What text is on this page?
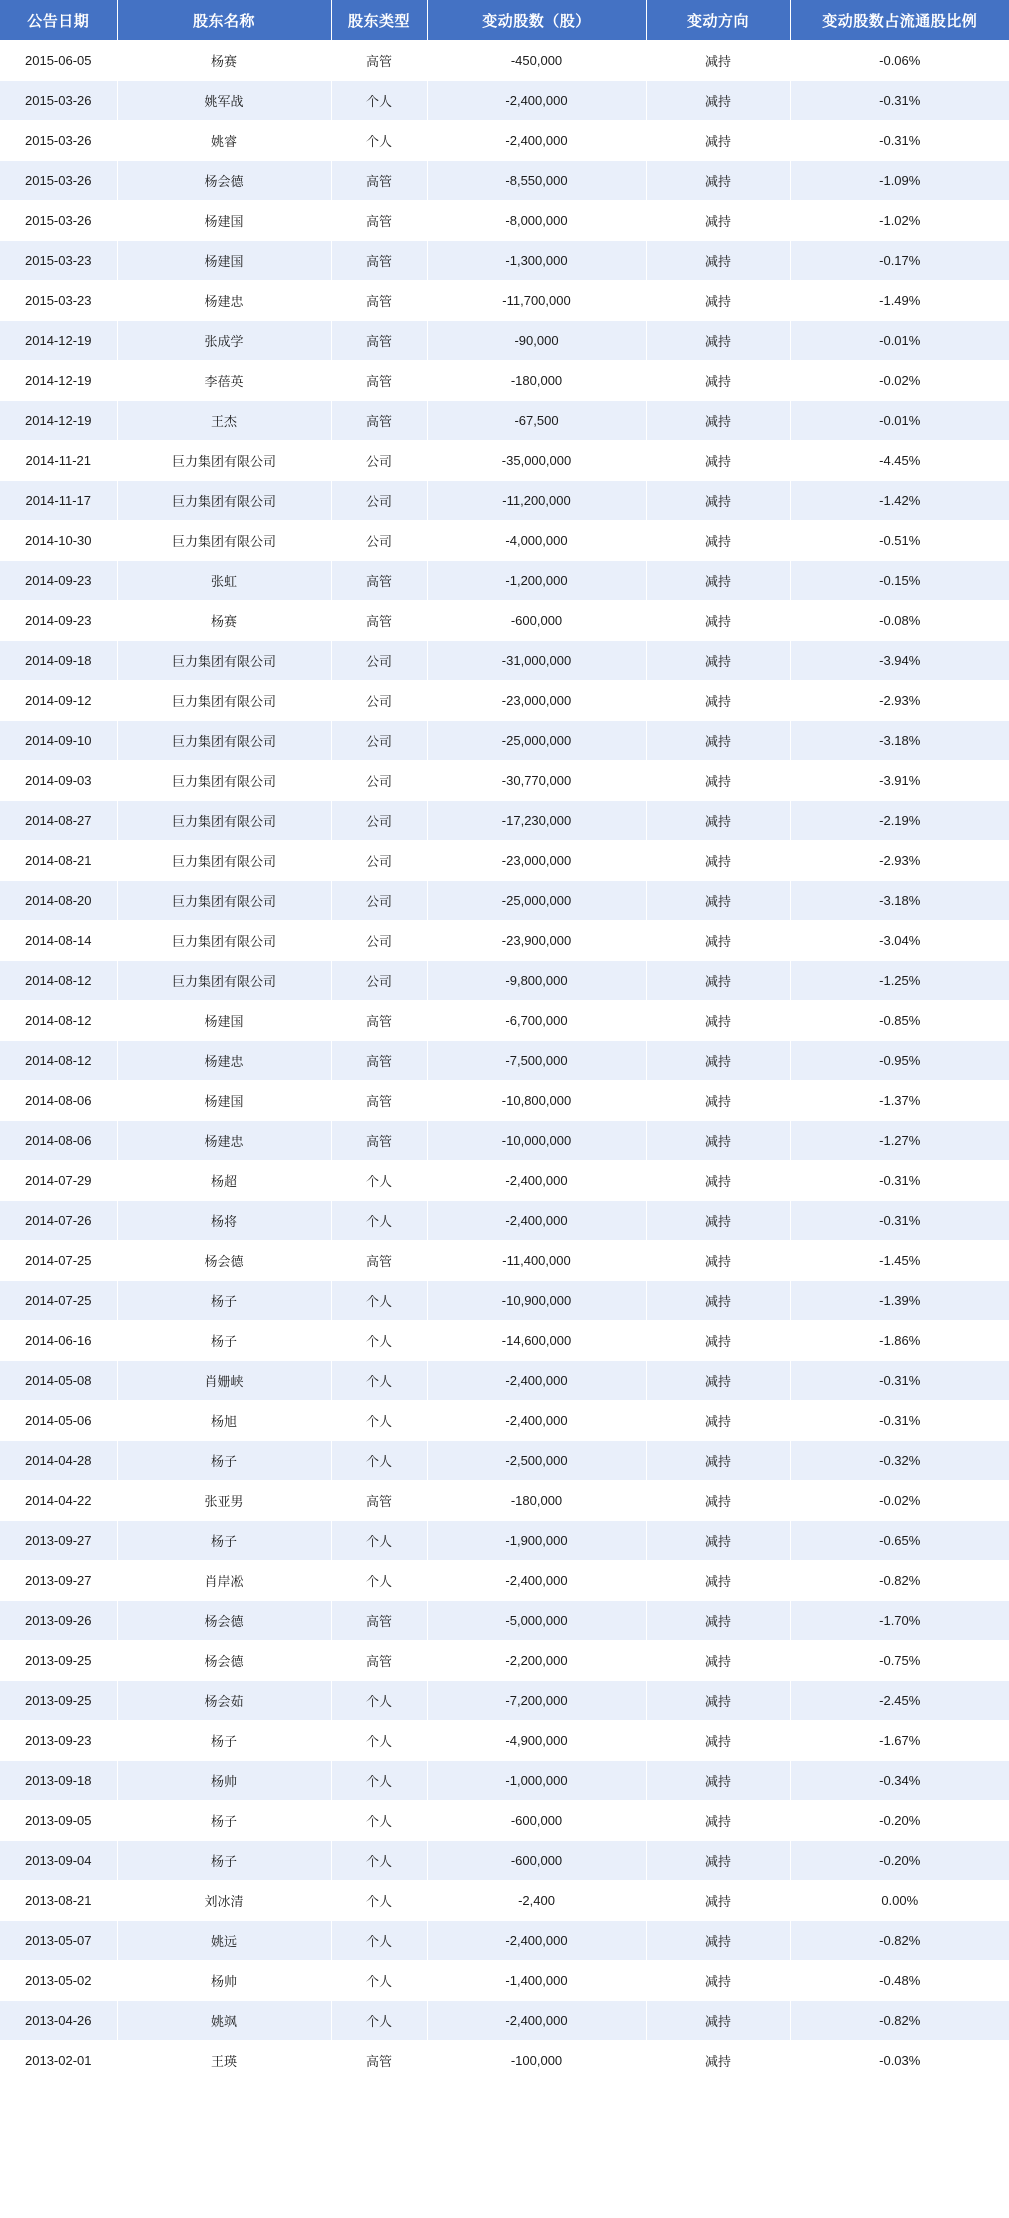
公告日期	股东名称	股东类型	变动股数（股）	变动方向	变动股数占流通股比例
2015-06-05	杨赛	高管	-450,000	减持	-0.06%
2015-03-26	姚军战	个人	-2,400,000	减持	-0.31%
2015-03-26	姚睿	个人	-2,400,000	减持	-0.31%
2015-03-26	杨会德	高管	-8,550,000	减持	-1.09%
2015-03-26	杨建国	高管	-8,000,000	减持	-1.02%
2015-03-23	杨建国	高管	-1,300,000	减持	-0.17%
2015-03-23	杨建忠	高管	-11,700,000	减持	-1.49%
2014-12-19	张成学	高管	-90,000	减持	-0.01%
2014-12-19	李蓓英	高管	-180,000	减持	-0.02%
2014-12-19	王杰	高管	-67,500	减持	-0.01%
2014-11-21	巨力集团有限公司	公司	-35,000,000	减持	-4.45%
2014-11-17	巨力集团有限公司	公司	-11,200,000	减持	-1.42%
2014-10-30	巨力集团有限公司	公司	-4,000,000	减持	-0.51%
2014-09-23	张虹	高管	-1,200,000	减持	-0.15%
2014-09-23	杨赛	高管	-600,000	减持	-0.08%
2014-09-18	巨力集团有限公司	公司	-31,000,000	减持	-3.94%
2014-09-12	巨力集团有限公司	公司	-23,000,000	减持	-2.93%
2014-09-10	巨力集团有限公司	公司	-25,000,000	减持	-3.18%
2014-09-03	巨力集团有限公司	公司	-30,770,000	减持	-3.91%
2014-08-27	巨力集团有限公司	公司	-17,230,000	减持	-2.19%
2014-08-21	巨力集团有限公司	公司	-23,000,000	减持	-2.93%
2014-08-20	巨力集团有限公司	公司	-25,000,000	减持	-3.18%
2014-08-14	巨力集团有限公司	公司	-23,900,000	减持	-3.04%
2014-08-12	巨力集团有限公司	公司	-9,800,000	减持	-1.25%
2014-08-12	杨建国	高管	-6,700,000	减持	-0.85%
2014-08-12	杨建忠	高管	-7,500,000	减持	-0.95%
2014-08-06	杨建国	高管	-10,800,000	减持	-1.37%
2014-08-06	杨建忠	高管	-10,000,000	减持	-1.27%
2014-07-29	杨超	个人	-2,400,000	减持	-0.31%
2014-07-26	杨将	个人	-2,400,000	减持	-0.31%
2014-07-25	杨会德	高管	-11,400,000	减持	-1.45%
2014-07-25	杨子	个人	-10,900,000	减持	-1.39%
2014-06-16	杨子	个人	-14,600,000	减持	-1.86%
2014-05-08	肖姗峡	个人	-2,400,000	减持	-0.31%
2014-05-06	杨旭	个人	-2,400,000	减持	-0.31%
2014-04-28	杨子	个人	-2,500,000	减持	-0.32%
2014-04-22	张亚男	高管	-180,000	减持	-0.02%
2013-09-27	杨子	个人	-1,900,000	减持	-0.65%
2013-09-27	肖岸凇	个人	-2,400,000	减持	-0.82%
2013-09-26	杨会德	高管	-5,000,000	减持	-1.70%
2013-09-25	杨会德	高管	-2,200,000	减持	-0.75%
2013-09-25	杨会茹	个人	-7,200,000	减持	-2.45%
2013-09-23	杨子	个人	-4,900,000	减持	-1.67%
2013-09-18	杨帅	个人	-1,000,000	减持	-0.34%
2013-09-05	杨子	个人	-600,000	减持	-0.20%
2013-09-04	杨子	个人	-600,000	减持	-0.20%
2013-08-21	刘冰清	个人	-2,400	减持	0.00%
2013-05-07	姚远	个人	-2,400,000	减持	-0.82%
2013-05-02	杨帅	个人	-1,400,000	减持	-0.48%
2013-04-26	姚飒	个人	-2,400,000	减持	-0.82%
2013-02-01	王瑛	高管	-100,000	减持	-0.03%
